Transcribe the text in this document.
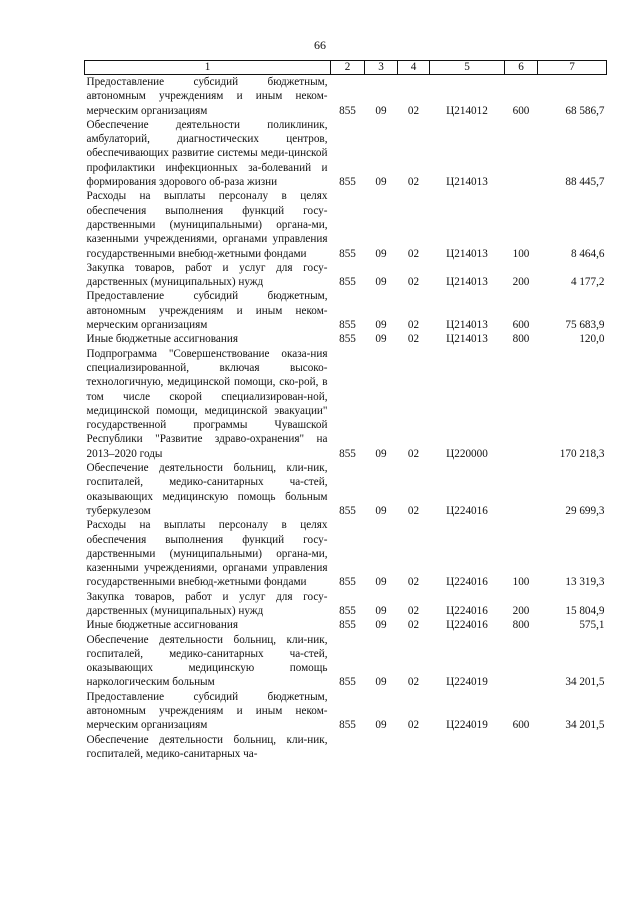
66
1	2	3	4	5	6	7
Предоставление субсидий бюджетным, автономным учреждениям и иным неком-мерческим организациям	855	09	02	Ц214012	600	68 586,7
Обеспечение деятельности поликлиник, амбулаторий, диагностических центров, обеспечивающих развитие системы меди-цинской профилактики инфекционных за-болеваний и формирования здорового об-раза жизни	855	09	02	Ц214013		88 445,7
Расходы на выплаты персоналу в целях обеспечения выполнения функций госу-дарственными (муниципальными) органа-ми, казенными учреждениями, органами управления государственными внебюд-жетными фондами	855	09	02	Ц214013	100	8 464,6
Закупка товаров, работ и услуг для госу-дарственных (муниципальных) нужд	855	09	02	Ц214013	200	4 177,2
Предоставление субсидий бюджетным, автономным учреждениям и иным неком-мерческим организациям	855	09	02	Ц214013	600	75 683,9
Иные бюджетные ассигнования	855	09	02	Ц214013	800	120,0
Подпрограмма "Совершенствование оказа-ния специализированной, включая высоко-технологичную, медицинской помощи, ско-рой, в том числе скорой специализирован-ной, медицинской помощи, медицинской эвакуации" государственной программы Чувашской Республики "Развитие здраво-охранения" на 2013–2020 годы	855	09	02	Ц220000		170 218,3
Обеспечение деятельности больниц, кли-ник, госпиталей, медико-санитарных ча-стей, оказывающих медицинскую помощь больным туберкулезом	855	09	02	Ц224016		29 699,3
Расходы на выплаты персоналу в целях обеспечения выполнения функций госу-дарственными (муниципальными) органа-ми, казенными учреждениями, органами управления государственными внебюд-жетными фондами	855	09	02	Ц224016	100	13 319,3
Закупка товаров, работ и услуг для госу-дарственных (муниципальных) нужд	855	09	02	Ц224016	200	15 804,9
Иные бюджетные ассигнования	855	09	02	Ц224016	800	575,1
Обеспечение деятельности больниц, кли-ник, госпиталей, медико-санитарных ча-стей, оказывающих медицинскую помощь наркологическим больным	855	09	02	Ц224019		34 201,5
Предоставление субсидий бюджетным, автономным учреждениям и иным неком-мерческим организациям	855	09	02	Ц224019	600	34 201,5
Обеспечение деятельности больниц, кли-ник, госпиталей, медико-санитарных ча-						
